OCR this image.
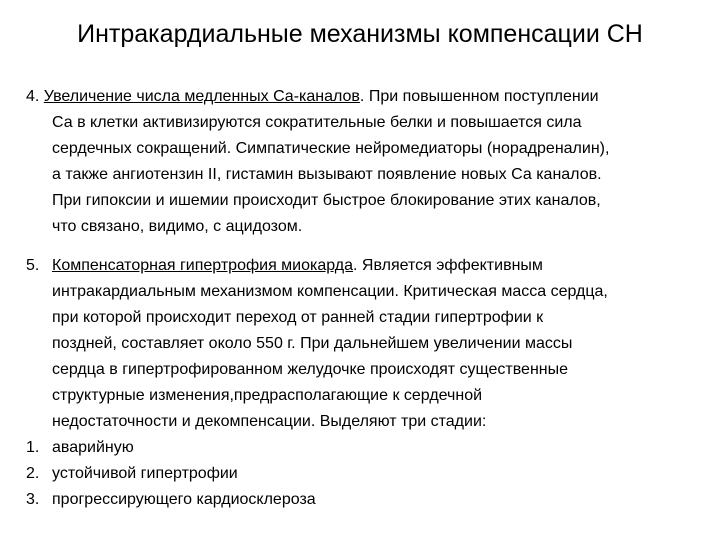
Интракардиальные механизмы компенсации СН

4. Увеличение числа медленных Са-каналов. При повышенном поступлении

Са в клетки активизируются сократительные белки и повышается сила

сердечных сокращений. Симпатические нейромедиаторы (норадреналин),

а также ангиотензин II, гистамин вызывают появление новых Са каналов.

При гипоксии и ишемии происходит быстрое блокирование этих каналов,

что связано, видимо, с ацидозом.

5. Компенсаторная гипертрофия миокарда. Является эффективным

интракардиальным механизмом компенсации. Критическая масса сердца,

при которой происходит переход от ранней стадии гипертрофии к

поздней, составляет около 550 г. При дальнейшем увеличении массы

сердца в гипертрофированном желудочке происходят существенные

структурные изменения,предрасполагающие к сердечной

недостаточности и декомпенсации. Выделяют три стадии:

1. аварийную
2. устойчивой гипертрофии
3. прогрессирующего кардиосклероза
